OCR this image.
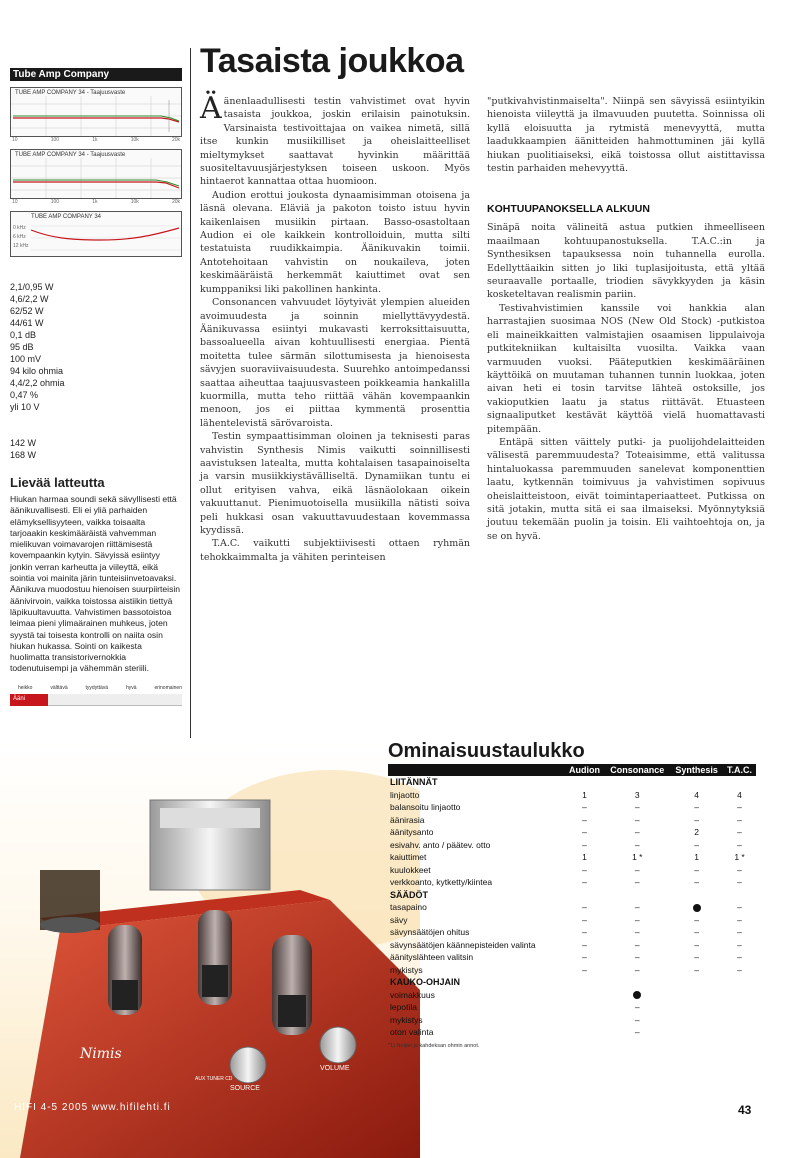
Tube Amp Company
TUBE AMP COMPANY 34 - Taajuusvaste
10	100	1k	10k	20k
TUBE AMP COMPANY 34 - Taajuusvaste
10	100	1k	10k	20k
TUBE AMP COMPANY 34
0 kHz
6 kHz
12 kHz
2,1/0,95 W
4,6/2,2 W
62/52 W
44/61 W
0,1 dB
95 dB
100 mV
94 kilo ohmia
4,4/2,2 ohmia
0,47 %
yli 10 V
142 W
168 W
Lievää latteutta
Hiukan harmaa soundi sekä sävyllisesti että äänikuvallisesti. Eli ei yliä parhaiden elämyksellisyyteen, vaikka toisaalta tarjoaakin keskimääräistä vahvemman mielikuvan voimavarojen riittämisestä kovempaankin kytyin. Sävyissä esiintyy jonkin verran karheutta ja viileyttä, eikä sointia voi mainita järin tunteisiinvetoavaksi. Äänikuva muodostuu hienoisen suurpiirteisin äänivirvoin, vaikka toistossa aistiikin tiettyä läpikuultavuutta. Vahvistimen bassotoistoa leimaa pieni ylimaärainen muhkeus, joten syystä tai toisesta kontrolli on naiita osin hiukan hukassa. Sointi on kaikesta huolimatta transistorivernokkia todenutuisempi ja vähemmän steriili.
heikko	välttävä	tyydyttävä	hyvä	erinomainen
Ääni
Tasaista joukkoa

Äänenlaadullisesti testin vahvistimet ovat hyvin tasaista joukkoa, joskin erilaisin painotuksin. Varsinaista testivoittajaa on vaikea nimetä, sillä itse kunkin musiikilliset ja oheislaitteelliset mieltymykset saattavat hyvinkin määrittää suositeltavuusjärjestyksen toiseen uskoon. Myös hintaerot kannattaa ottaa huomioon.

Audion erottui joukosta dynaamisimman otoisena ja läsnä olevana. Eläviä ja pakoton toisto istuu hyvin kaikenlaisen musiikin pirtaan. Basso-osastoltaan Audion ei ole kaikkein kontrolloiduin, mutta silti testatuista ruudikkaimpia. Äänikuvakin toimii. Antotehoitaan vahvistin on noukaileva, joten keskimääräistä herkemmät kaiuttimet ovat sen kumppaniksi liki pakollinen hankinta.

Consonancen vahvuudet löytyivät ylempien alueiden avoimuudesta ja soinnin miellyttävyydestä. Äänikuvassa esiintyi mukavasti kerroksittaisuutta, bassoalueella aivan kohtuullisesti energiaa. Pientä moitetta tulee särmän silottumisesta ja hienoisesta sävyjen suoraviivaisuudesta. Suurehko antoimpedanssi saattaa aiheuttaa taajuusvasteen poikkeamia hankalilla kuormilla, mutta teho riittää vähän kovempaankin menoon, jos ei piittaa kymmentä prosenttia lähentelevistä särövaroista.

Testin sympaattisimman oloinen ja teknisesti paras vahvistin Synthesis Nimis vaikutti soinnillisesti aavistuksen latealta, mutta kohtalaisen tasapainoiselta ja varsin musiikkiystävälliseltä. Dynamiikan tuntu ei ollut erityisen vahva, eikä läsnäolokaan oikein vakuuttanut. Pienimuotoisella musiikilla nätisti soiva peli hukkasi osan vakuuttavuudestaan kovemmassa kyydissä.

T.A.C. vaikutti subjektiivisesti ottaen ryhmän tehokkaimmalta ja vähiten perinteisen

"putkivahvistinmaiselta". Niinpä sen sävyissä esiintyikin hienoista viileyttä ja ilmavuuden puutetta. Soinnissa oli kyllä eloisuutta ja rytmistä menevyyttä, mutta laadukkaampien äänitteiden hahmottuminen jäi kyllä hiukan puolitiaiseksi, eikä toistossa ollut aistittavissa testin parhaiden mehevyyttä.

KOHTUUPANOKSELLA ALKUUN

Sinäpä noita välineitä astua putkien ihmeelliseen maailmaan kohtuupanostuksella. T.A.C.:in ja Synthesiksen tapauksessa noin tuhannella eurolla. Edellyttäaikin sitten jo liki tuplasijoitusta, että yltää seuraavalle portaalle, triodien sävykkyyden ja käsin kosketeltavan realismin pariin.

Testivahvistimien kanssile voi hankkia alan harrastajien suosimaa NOS (New Old Stock) -putkistoa eli maineikkaitten valmistajien osaamisen lippulaivoja putkitekniikan kultaisilta vuosilta. Vaikka vaan varmuuden vuoksi. Pääteputkien keskimääräinen käyttöikä on muutaman tuhannen tunnin luokkaa, joten aivan heti ei tosin tarvitse lähteä ostoksille, jos vakioputkien laatu ja status riittävät. Etuasteen signaaliputket kestävät käyttöä vielä huomattavasti pitempään.

Entäpä sitten väittely putki- ja puolijohdelaitteiden välisestä paremmuudesta? Toteaisimme, että valitussa hintaluokassa paremmuuden sanelevat komponenttien laatu, kytkennän toimivuus ja vahvistimen sopivuus oheislaitteistoon, eivät toimintaperiaatteet. Putkissa on sitä jotakin, mutta sitä ei saa ilmaiseksi. Myönnytyksiä joutuu tekemään puolin ja toisin. Eli vaihtoehtoja on, ja se on hyvä.

Nimis
SOURCE
VOLUME
AUX TUNER CD
HIFI 4-5 2005 www.hifilehti.fi	43
Ominaisuustaulukko
	Audion	Consonance	Synthesis	T.A.C.
LIITÄNNÄT				
linjaotto	1	3	4	4
balansoitu linjaotto	–	–	–	–
äänirasia	–	–	–	–
äänitysanto	–	–	2	–
esivahv. anto / päätev. otto	–	–	–	–
kaiuttimet	1	1 *	1	1 *
kuulokkeet	–	–	–	–
verkkoanto, kytketty/kiintea	–	–	–	–
SÄÄDÖT				
tasapaino	–	–		–
sävy	–	–	–	–
sävynsäätöjen ohitus	–	–	–	–
sävynsäätöjen käännepisteiden valinta	–	–	–	–
äänityslähteen valitsin	–	–	–	–
mykistys	–	–	–	–
KAUKO-OHJAIN				
voimakkuus				
lepotila		–		
mykistys		–		
oton valinta		–		
*1) Neljän ja kahdeksan ohmin annot.
